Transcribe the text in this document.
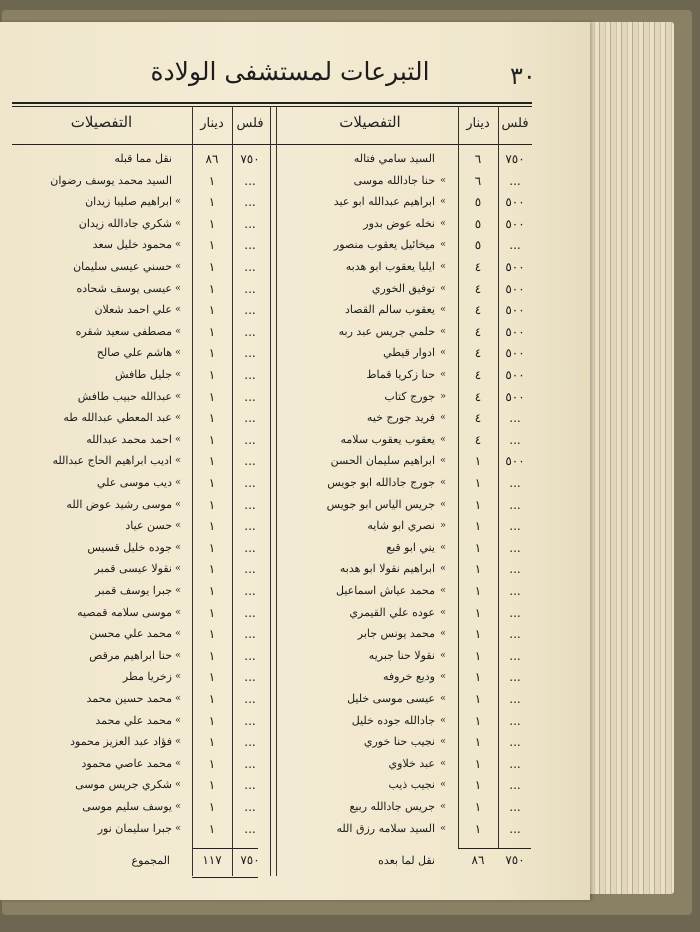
٣٠
التبرعات لمستشفى الولادة
فلس
دينار
التفصيلات
فلس
دينار
التفصيلات
٧٥٠
٦
السيد سامي فتاله
...
٦
«
حنا جادالله موسى
٥٠٠
٥
«
ابراهيم عبدالله ابو عيد
٥٠٠
٥
«
نخله عوض بدور
...
٥
«
ميخائيل يعقوب منصور
٥٠٠
٤
«
ايليا يعقوب ابو هدبه
٥٠٠
٤
«
توفيق الخوري
٥٠٠
٤
«
يعقوب سالم القصاد
٥٠٠
٤
«
حلمي جريس عبد ربه
٥٠٠
٤
«
ادوار قيطي
٥٠٠
٤
«
حنا زكريا قماط
٥٠٠
٤
»
جورج كتاب
...
٤
«
فريد جورج خيه
...
٤
«
يعقوب يعقوب سلامه
٥٠٠
١
«
ابراهيم سليمان الحسن
...
١
«
جورج جادالله ابو جويس
...
١
«
جريس الياس ابو جويس
...
١
»
نصري ابو شايه
...
١
«
يني ابو قبع
...
١
«
ابراهيم نقولا ابو هدبه
...
١
«
محمد عياش اسماعيل
...
١
«
عوده علي القيمري
...
١
«
محمد يونس جابر
...
١
«
نقولا حنا جبريه
...
١
«
وديع خروفه
...
١
«
عيسى موسى خليل
...
١
«
جادالله جوده خليل
...
١
«
نجيب حنا خوري
...
١
«
عبد خلاوي
...
١
«
نجيب ذيب
...
١
«
جريس جادالله ربيع
...
١
«
السيد سلامه رزق الله
٧٥٠
٨٦
نقل مما قبله
...
١
السيد محمد يوسف رضوان
...
١
«
ابراهيم صليبا زيدان
...
١
«
شكري جادالله زيدان
...
١
«
محمود خليل سعد
...
١
«
حسني عيسى سليمان
...
١
«
عيسى يوسف شحاده
...
١
«
علي احمد شعلان
...
١
«
مصطفى سعيد شقره
...
١
«
هاشم علي صالح
...
١
«
جليل طافش
...
١
«
عبدالله حبيب طافش
...
١
«
عبد المعطي عبدالله طه
...
١
«
احمد محمد عبدالله
...
١
«
اديب ابراهيم الحاج عبدالله
...
١
«
ديب موسى علي
...
١
«
موسى رشيد عوض الله
...
١
«
حسن عياد
...
١
«
جوده خليل قسيس
...
١
«
نقولا عيسى قمبر
...
١
«
جبرا يوسف قمبر
...
١
«
موسى سلامه قمصيه
...
١
«
محمد علي محسن
...
١
«
حنا ابراهيم مرقص
...
١
«
زخريا مطر
...
١
«
محمد حسين محمد
...
١
«
محمد علي محمد
...
١
«
فؤاد عبد العزيز محمود
...
١
«
محمد عاصي محمود
...
١
«
شكري جريس موسى
...
١
«
يوسف سليم موسى
...
١
«
جبرا سليمان نور
٧٥٠
٨٦
نقل لما بعده
٧٥٠
١١٧
المجموع
